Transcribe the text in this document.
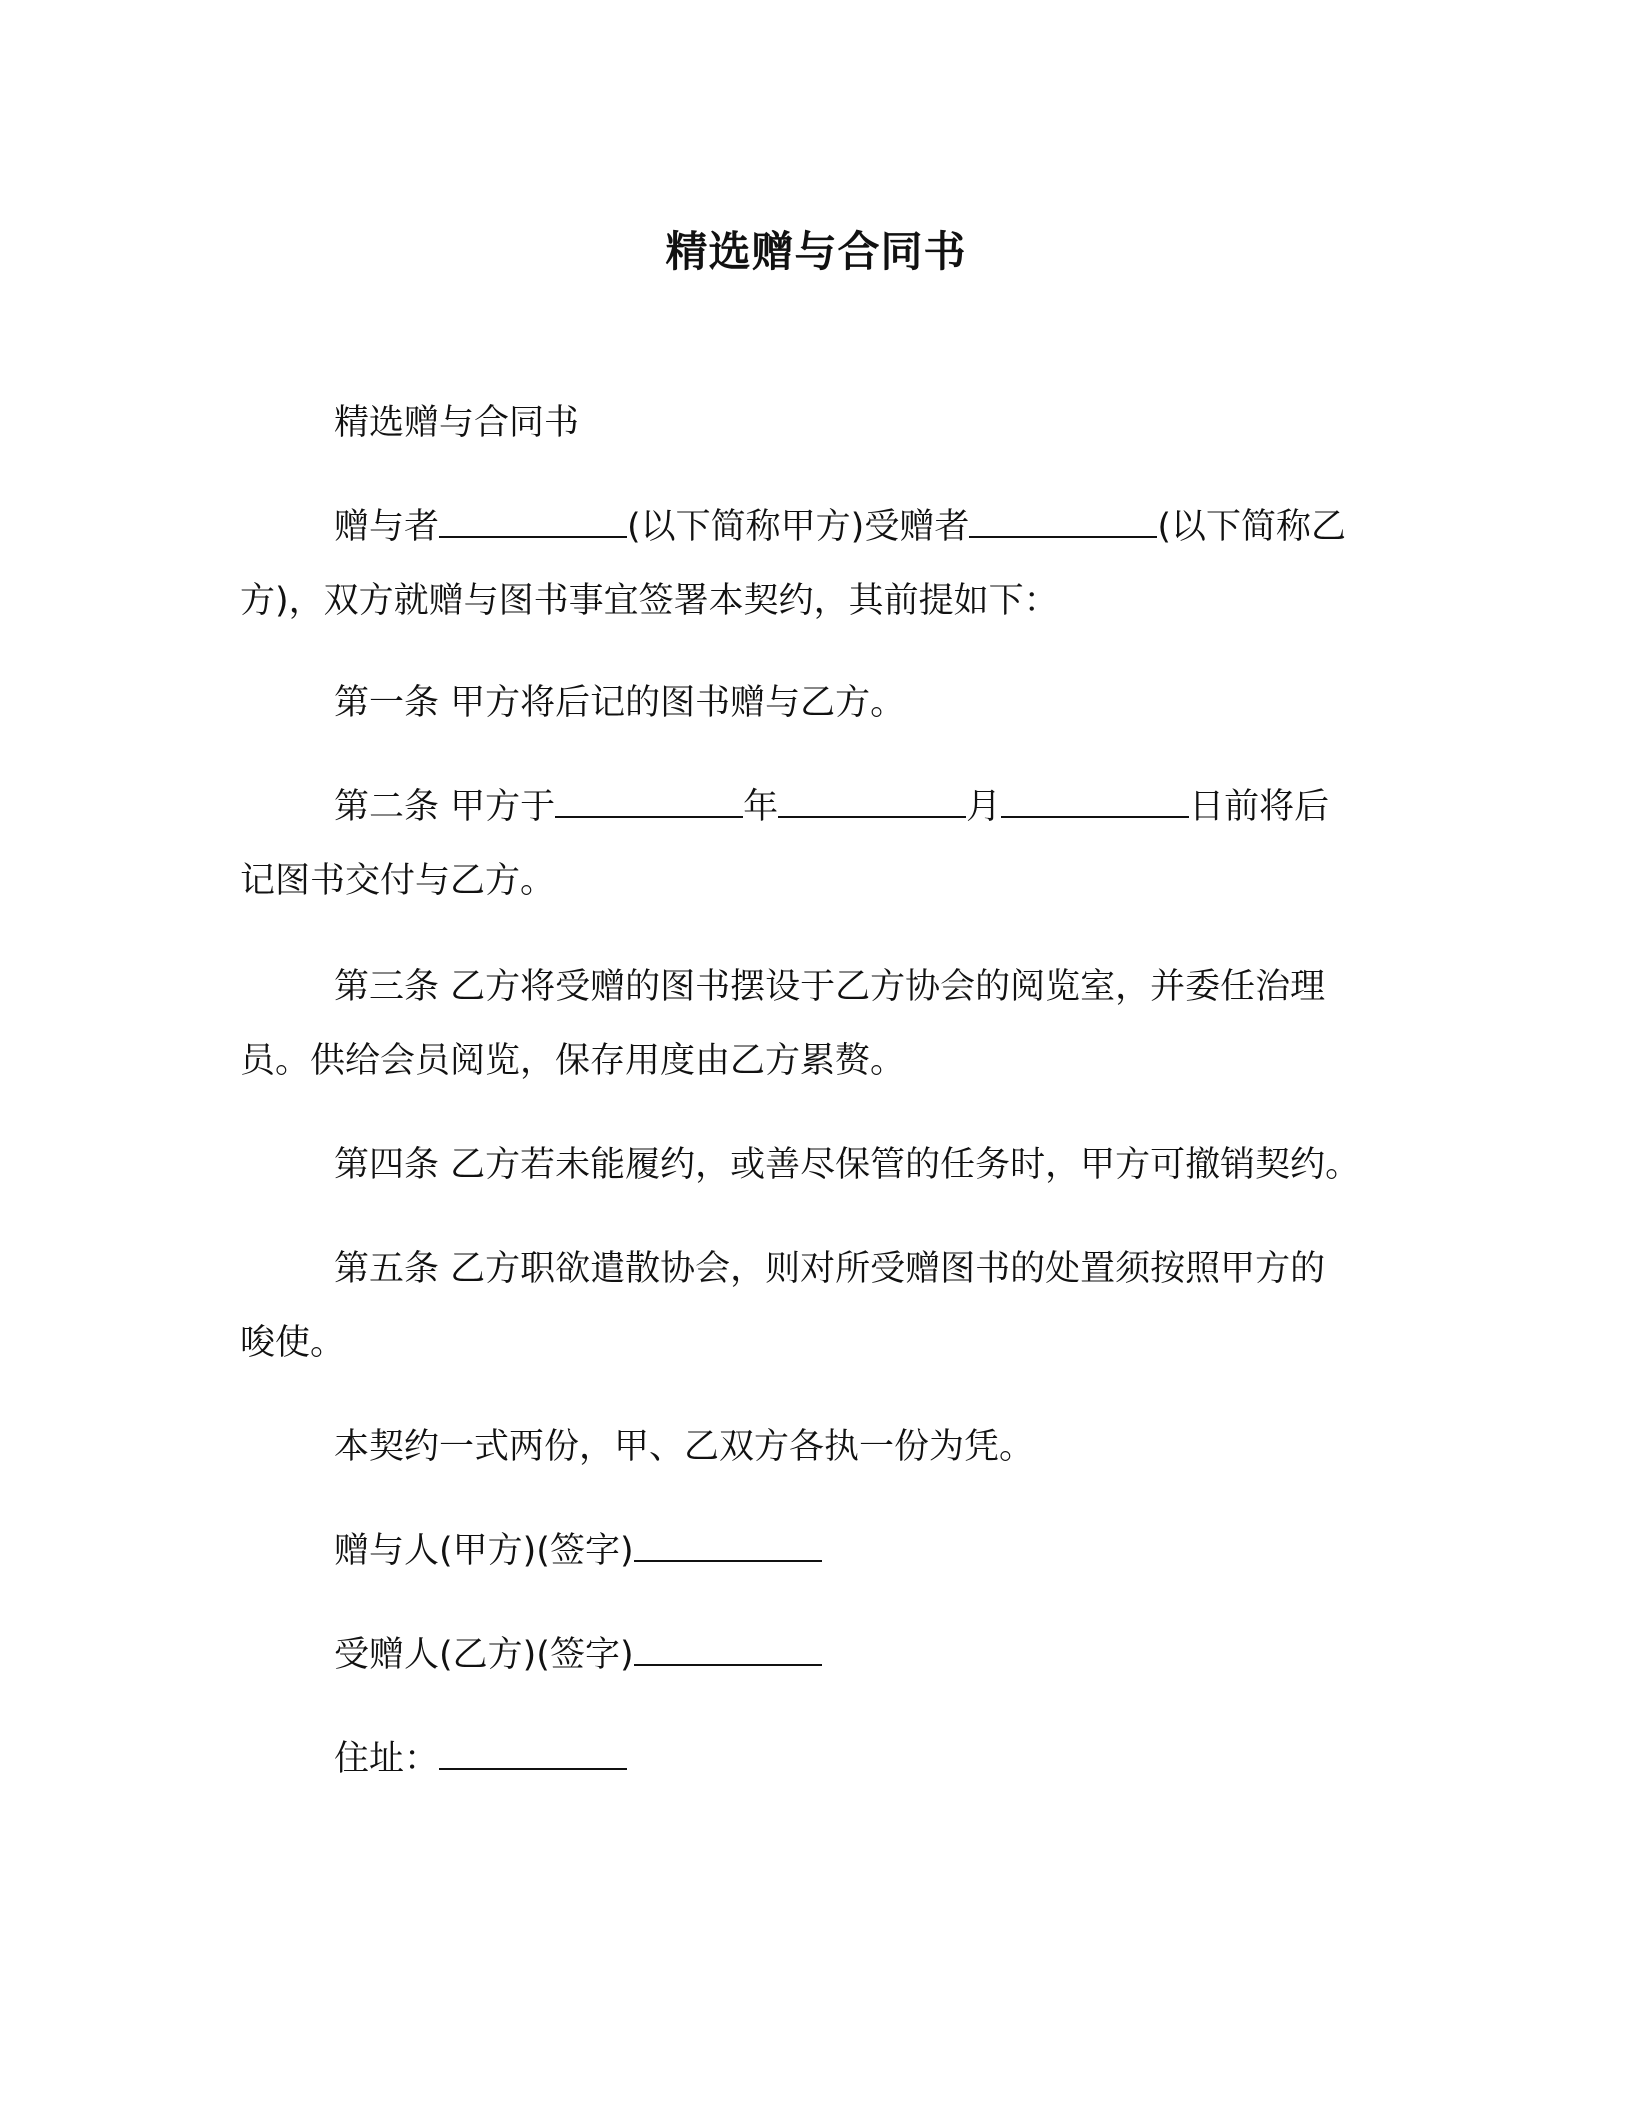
精选赠与合同书
精选赠与合同书
赠与者	(以下简称甲方)受赠者	(以下简称乙
方)，双方就赠与图书事宜签署本契约，其前提如下：
第一条 甲方将后记的图书赠与乙方。
第二条 甲方于	年	月	日前将后
记图书交付与乙方。
第三条 乙方将受赠的图书摆设于乙方协会的阅览室，并委任治理
员。供给会员阅览，保存用度由乙方累赘。
第四条 乙方若未能履约，或善尽保管的任务时，甲方可撤销契约。
第五条 乙方职欲遣散协会，则对所受赠图书的处置须按照甲方的
唆使。
本契约一式两份，甲、乙双方各执一份为凭。
赠与人(甲方)(签字)
受赠人(乙方)(签字)
住址：
